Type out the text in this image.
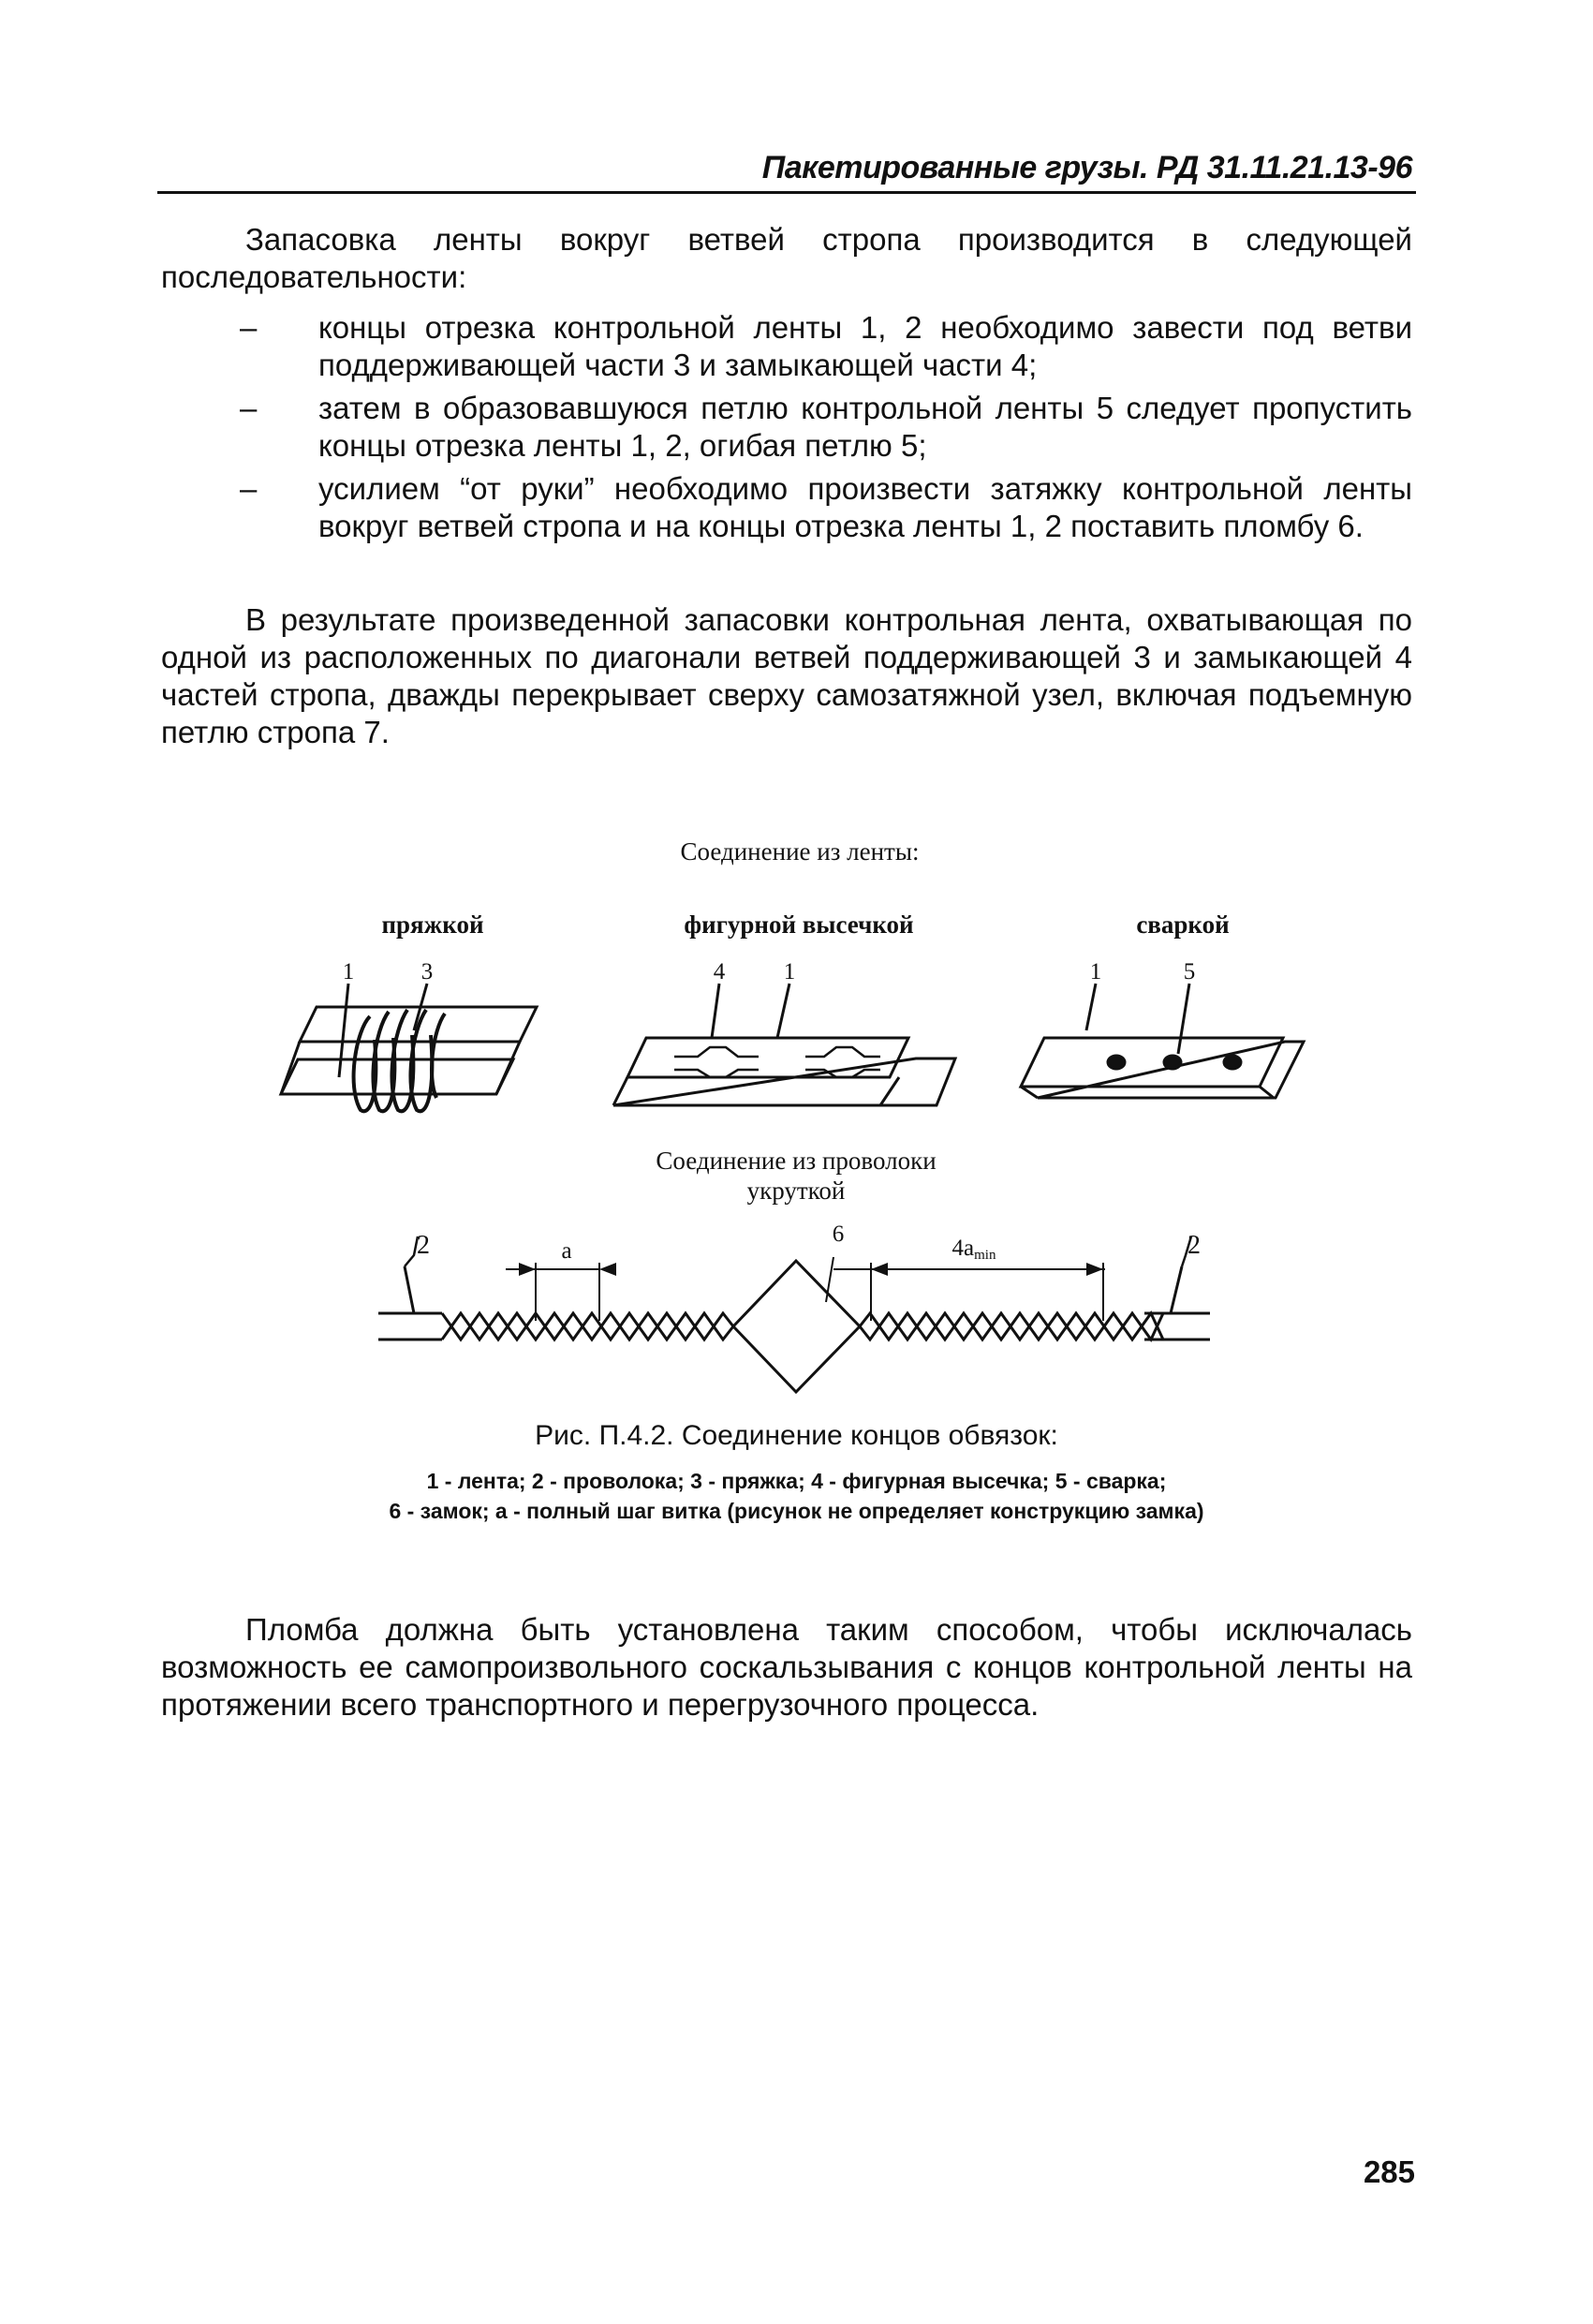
Пакетированные грузы. РД 31.11.21.13-96

Запасовка ленты вокруг ветвей стропа производится в следующей последовательности:

– концы отрезка контрольной ленты 1, 2 необходимо завести под ветви поддерживающей части 3 и замыкающей части 4;
– затем в образовавшуюся петлю контрольной ленты 5 следует пропустить концы отрезка ленты 1, 2, огибая петлю 5;
– усилием “от руки” необходимо произвести затяжку контрольной ленты вокруг ветвей стропа и на концы отрезка ленты 1, 2 поставить пломбу 6.

В результате произведенной запасовки контрольная лента, охватывающая по одной из расположенных по диагонали ветвей поддерживающей 3 и замыкающей 4 частей стропа, дважды перекрывает сверху самозатяжной узел, включая подъемную петлю стропа 7.

Соединение из ленты:
пряжкой	фигурной высечкой	сваркой
1	3	4	1	1	5
Соединение из проволоки
укруткой
2	2
а
6
4amin
Рис. П.4.2. Соединение концов обвязок:
1 - лента; 2 - проволока; 3 - пряжка; 4 - фигурная высечка; 5 - сварка;
6 - замок; а - полный шаг витка (рисунок не определяет конструкцию замка)

Пломба должна быть установлена таким способом, чтобы исключалась возможность ее самопроизвольного соскальзывания с концов контрольной ленты на протяжении всего транспортного и перегрузочного процесса.

285
